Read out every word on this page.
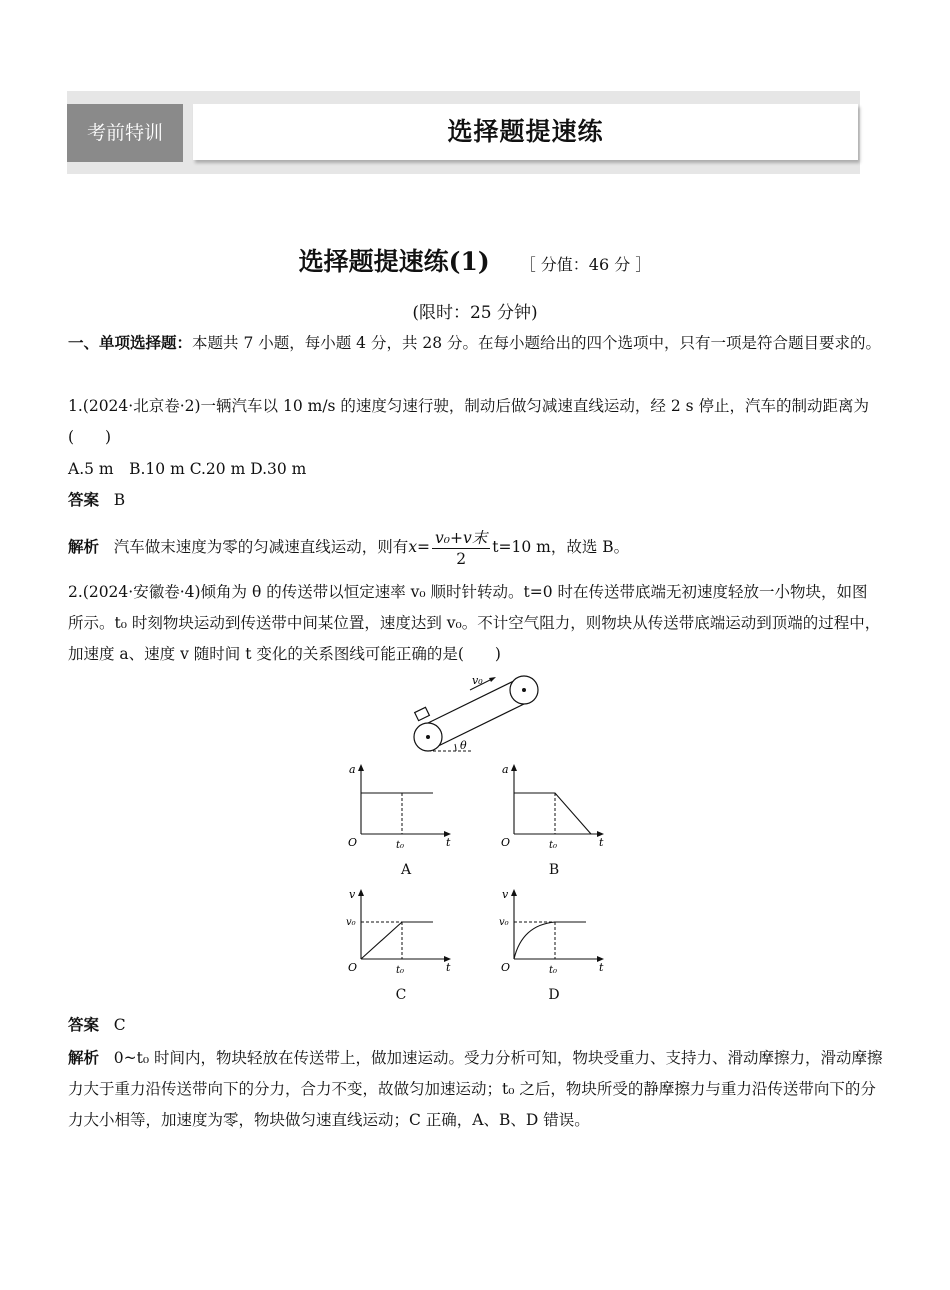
考前特训	选择题提速练
选择题提速练(1) ［ 分值：46 分 ］
(限时：25 分钟)

一、单项选择题：本题共 7 小题，每小题 4 分，共 28 分。在每小题给出的四个选项中，只有一项是符合题目要求的。

1.(2024·北京卷·2)一辆汽车以 10 m/s 的速度匀速行驶，制动后做匀减速直线运动，经 2 s 停止，汽车的制动距离为(　　)

A.5 m　B.10 m C.20 m D.30 m

答案 B

解析 汽车做末速度为零的匀减速直线运动，则有$x= \frac{\text{v₀+v末}}{2} t=10$ m，故选 B。

2.(2024·安徽卷·4)倾角为 θ 的传送带以恒定速率 v₀ 顺时针转动。t=0 时在传送带底端无初速度轻放一小物块，如图所示。t₀ 时刻物块运动到传送带中间某位置，速度达到 v₀。不计空气阻力，则物块从传送带底端运动到顶端的过程中，加速度 a、速度 v 随时间 t 变化的关系图线可能正确的是(　　)

v₀
θ
a
O	t₀	t
A
a
O	t₀	t
B
v
v₀
O	t₀	t
C
v
v₀
O	t₀	t
D

答案 C

解析 0~t₀ 时间内，物块轻放在传送带上，做加速运动。受力分析可知，物块受重力、支持力、滑动摩擦力，滑动摩擦力大于重力沿传送带向下的分力，合力不变，故做匀加速运动；t₀ 之后，物块所受的静摩擦力与重力沿传送带向下的分力大小相等，加速度为零，物块做匀速直线运动；C 正确，A、B、D 错误。
